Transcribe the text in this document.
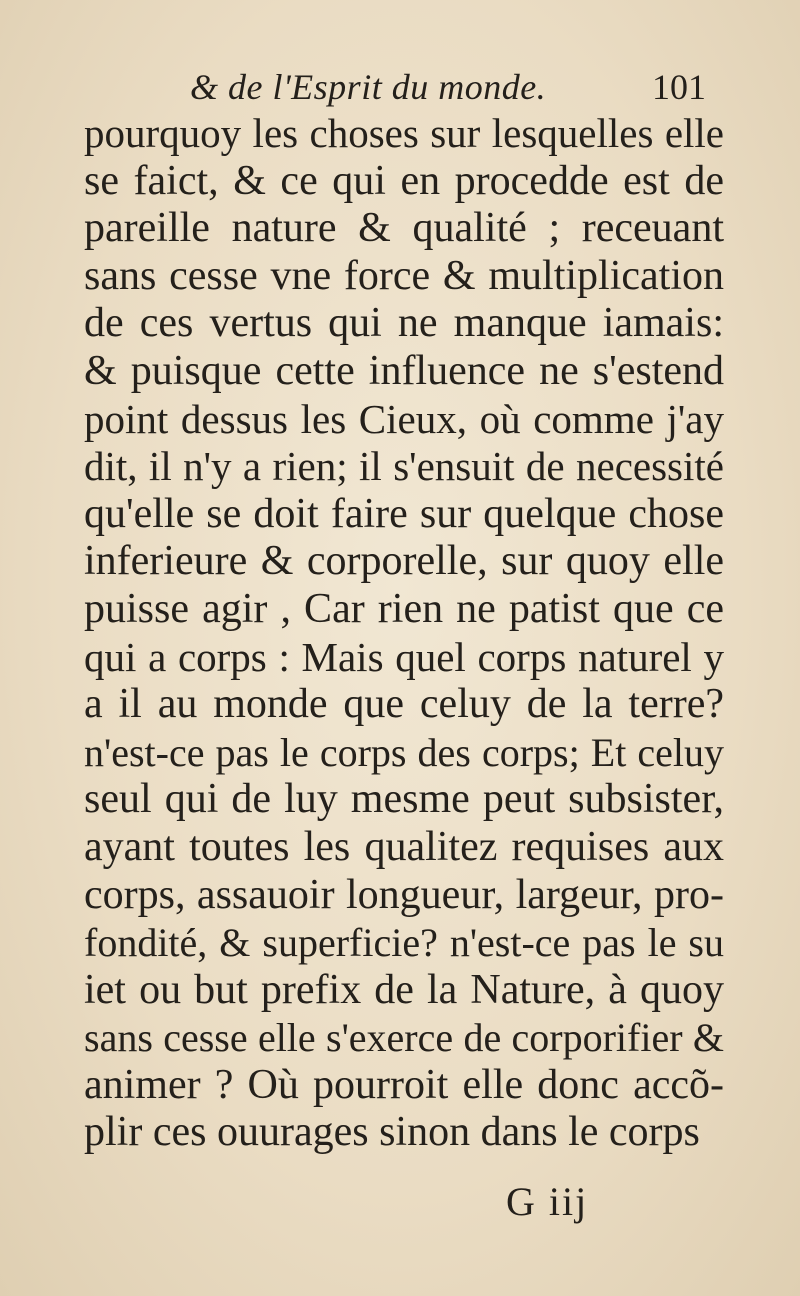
& de l'Esprit du monde.	101
pourquoy les choses sur lesquelles elle
se faict, & ce qui en procedde est de
pareille nature & qualité ; receuant
sans cesse vne force & multiplication
de ces vertus qui ne manque iamais:
& puisque cette influence ne s'estend
point dessus les Cieux, où comme j'ay
dit, il n'y a rien; il s'ensuit de necessité
qu'elle se doit faire sur quelque chose
inferieure & corporelle, sur quoy elle
puisse agir , Car rien ne patist que ce
qui a corps : Mais quel corps naturel y
a il au monde que celuy de la terre?
n'est-ce pas le corps des corps; Et celuy
seul qui de luy mesme peut subsister,
ayant toutes les qualitez requises aux
corps, assauoir longueur, largeur, pro-
fondité, & superficie? n'est-ce pas le su
iet ou but prefix de la Nature, à quoy
sans cesse elle s'exerce de corporifier &
animer ? Où pourroit elle donc accõ-
plir ces ouurages sinon dans le corps
G iij
